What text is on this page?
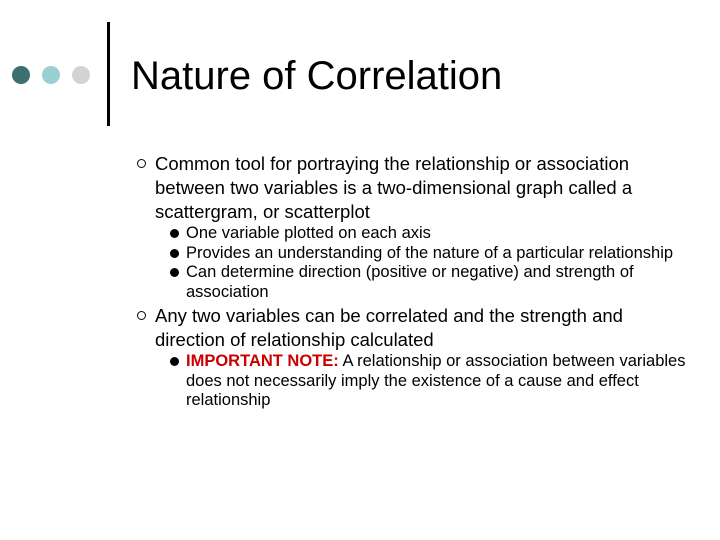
Nature of Correlation
Common tool for portraying the relationship or association between two variables is a two-dimensional graph called a scattergram, or scatterplot
One variable plotted on each axis
Provides an understanding of the nature of a particular relationship
Can determine direction (positive or negative) and strength of association
Any two variables can be correlated and the strength and direction of relationship calculated
IMPORTANT NOTE: A relationship or association between variables does not necessarily imply the existence of a cause and effect relationship
